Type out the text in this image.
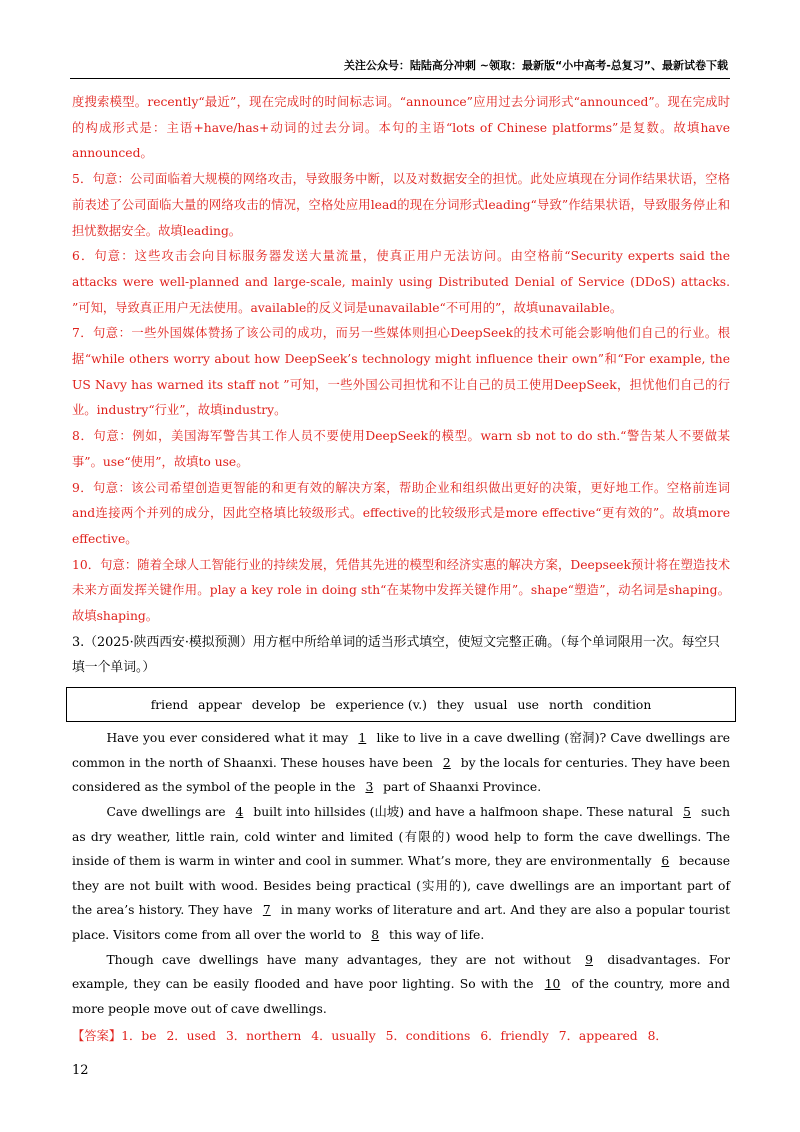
关注公众号：陆陆高分冲刺 ~领取：最新版“小中高考-总复习”、最新试卷下载

度搜索模型。recently“最近”，现在完成时的时间标志词。“announce”应用过去分词形式“announced”。现在完成时的构成形式是：主语+have/has+动词的过去分词。本句的主语“lots of Chinese platforms”是复数。故填have announced。

5．句意：公司面临着大规模的网络攻击，导致服务中断，以及对数据安全的担忧。此处应填现在分词作结果状语，空格前表述了公司面临大量的网络攻击的情况，空格处应用lead的现在分词形式leading“导致”作结果状语，导致服务停止和担忧数据安全。故填leading。

6．句意：这些攻击会向目标服务器发送大量流量，使真正用户无法访问。由空格前“Security experts said the attacks were well-planned and large-scale, mainly using Distributed Denial of Service (DDoS) attacks. ”可知，导致真正用户无法使用。available的反义词是unavailable“不可用的”，故填unavailable。

7．句意：一些外国媒体赞扬了该公司的成功，而另一些媒体则担心DeepSeek的技术可能会影响他们自己的行业。根据“while others worry about how DeepSeek’s technology might influence their own”和“For example, the US Navy has warned its staff not ”可知，一些外国公司担忧和不让自己的员工使用DeepSeek，担忧他们自己的行业。industry“行业”，故填industry。

8．句意：例如，美国海军警告其工作人员不要使用DeepSeek的模型。warn sb not to do sth.“警告某人不要做某事”。use“使用”，故填to use。

9．句意：该公司希望创造更智能的和更有效的解决方案，帮助企业和组织做出更好的决策，更好地工作。空格前连词and连接两个并列的成分，因此空格填比较级形式。effective的比较级形式是more effective“更有效的”。故填more effective。

10．句意：随着全球人工智能行业的持续发展，凭借其先进的模型和经济实惠的解决方案，Deepseek预计将在塑造技术未来方面发挥关键作用。play a key role in doing sth“在某物中发挥关键作用”。shape“塑造”，动名词是shaping。故填shaping。

3.（2025·陕西西安·模拟预测）用方框中所给单词的适当形式填空，使短文完整正确。（每个单词限用一次。每空只填一个单词。）

friend appear develop be experience (v.) they usual use north condition

Have you ever considered what it may 1 like to live in a cave dwelling (窑洞)? Cave dwellings are common in the north of Shaanxi. These houses have been 2 by the locals for centuries. They have been considered as the symbol of the people in the 3 part of Shaanxi Province.

Cave dwellings are 4 built into hillsides (山坡) and have a halfmoon shape. These natural 5 such as dry weather, little rain, cold winter and limited (有限的) wood help to form the cave dwellings. The inside of them is warm in winter and cool in summer. What’s more, they are environmentally 6 because they are not built with wood. Besides being practical (实用的), cave dwellings are an important part of the area’s history. They have 7 in many works of literature and art. And they are also a popular tourist place. Visitors come from all over the world to 8 this way of life.

Though cave dwellings have many advantages, they are not without 9 disadvantages. For example, they can be easily flooded and have poor lighting. So with the 10 of the country, more and more people move out of cave dwellings.

【答案】1．be 2．used 3．northern 4．usually 5．conditions 6．friendly 7．appeared 8．

12
